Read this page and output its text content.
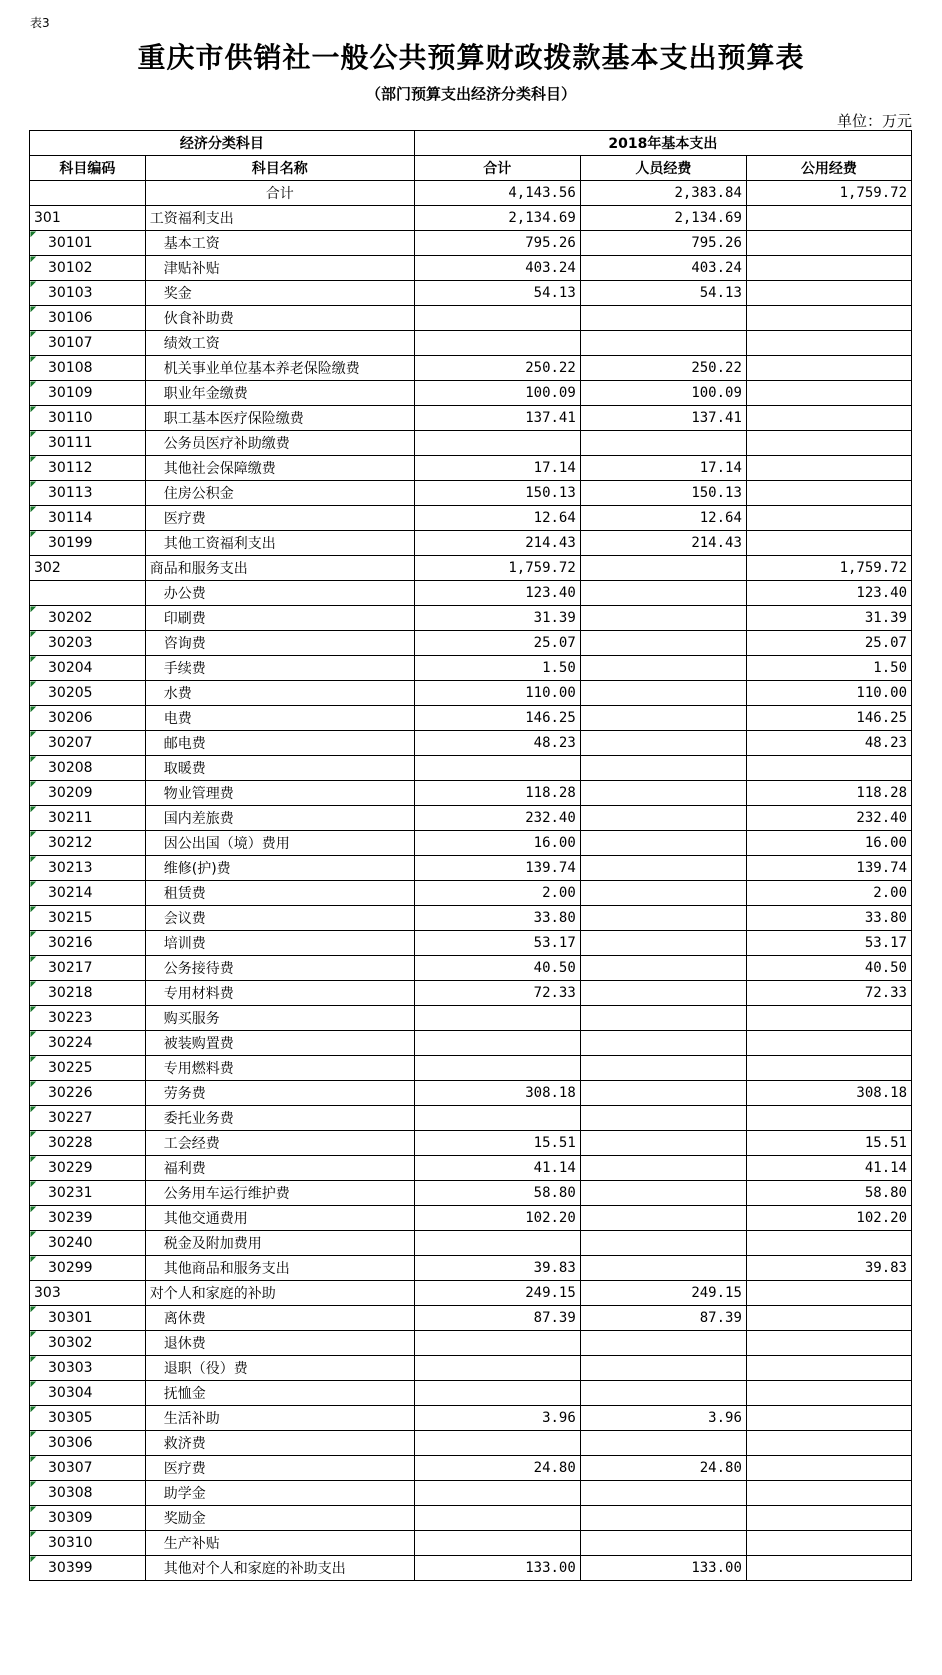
表3
重庆市供销社一般公共预算财政拨款基本支出预算表
（部门预算支出经济分类科目）
单位：万元
经济分类科目		2018年基本支出		
科目编码	科目名称	合计	人员经费	公用经费
	合计	4,143.56	2,383.84	1,759.72
301	工资福利支出	2,134.69	2,134.69	
30101	基本工资	795.26	795.26	
30102	津贴补贴	403.24	403.24	
30103	奖金	54.13	54.13	
30106	伙食补助费			
30107	绩效工资			
30108	机关事业单位基本养老保险缴费	250.22	250.22	
30109	职业年金缴费	100.09	100.09	
30110	职工基本医疗保险缴费	137.41	137.41	
30111	公务员医疗补助缴费			
30112	其他社会保障缴费	17.14	17.14	
30113	住房公积金	150.13	150.13	
30114	医疗费	12.64	12.64	
30199	其他工资福利支出	214.43	214.43	
302	商品和服务支出	1,759.72		1,759.72
	办公费	123.40		123.40
30202	印刷费	31.39		31.39
30203	咨询费	25.07		25.07
30204	手续费	1.50		1.50
30205	水费	110.00		110.00
30206	电费	146.25		146.25
30207	邮电费	48.23		48.23
30208	取暖费			
30209	物业管理费	118.28		118.28
30211	国内差旅费	232.40		232.40
30212	因公出国（境）费用	16.00		16.00
30213	维修(护)费	139.74		139.74
30214	租赁费	2.00		2.00
30215	会议费	33.80		33.80
30216	培训费	53.17		53.17
30217	公务接待费	40.50		40.50
30218	专用材料费	72.33		72.33
30223	购买服务			
30224	被装购置费			
30225	专用燃料费			
30226	劳务费	308.18		308.18
30227	委托业务费			
30228	工会经费	15.51		15.51
30229	福利费	41.14		41.14
30231	公务用车运行维护费	58.80		58.80
30239	其他交通费用	102.20		102.20
30240	税金及附加费用			
30299	其他商品和服务支出	39.83		39.83
303	对个人和家庭的补助	249.15	249.15	
30301	离休费	87.39	87.39	
30302	退休费			
30303	退职（役）费			
30304	抚恤金			
30305	生活补助	3.96	3.96	
30306	救济费			
30307	医疗费	24.80	24.80	
30308	助学金			
30309	奖励金			
30310	生产补贴			
30399	其他对个人和家庭的补助支出	133.00	133.00	
